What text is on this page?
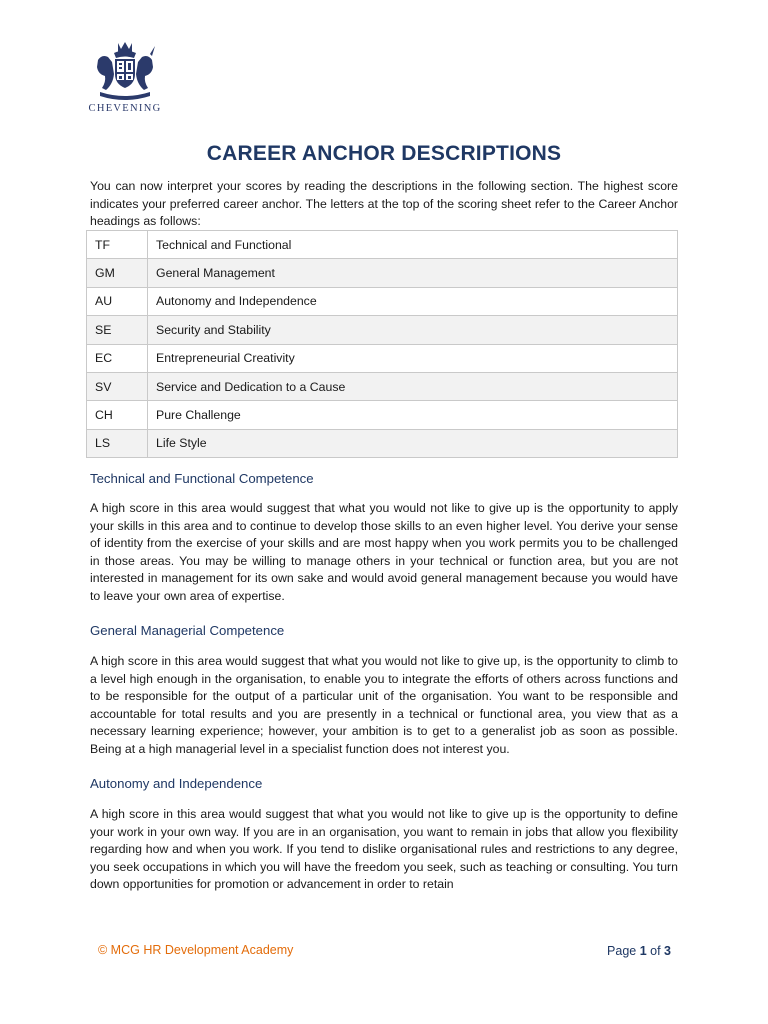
CHEVENING
CAREER ANCHOR DESCRIPTIONS
You can now interpret your scores by reading the descriptions in the following section. The highest score indicates your preferred career anchor. The letters at the top of the scoring sheet refer to the Career Anchor headings as follows:
TF	Technical and Functional
GM	General Management
AU	Autonomy and Independence
SE	Security and Stability
EC	Entrepreneurial Creativity
SV	Service and Dedication to a Cause
CH	Pure Challenge
LS	Life Style
Technical and Functional Competence
A high score in this area would suggest that what you would not like to give up is the opportunity to apply your skills in this area and to continue to develop those skills to an even higher level. You derive your sense of identity from the exercise of your skills and are most happy when you work permits you to be challenged in those areas. You may be willing to manage others in your technical or function area, but you are not interested in management for its own sake and would avoid general management because you would have to leave your own area of expertise.
General Managerial Competence
A high score in this area would suggest that what you would not like to give up, is the opportunity to climb to a level high enough in the organisation, to enable you to integrate the efforts of others across functions and to be responsible for the output of a particular unit of the organisation. You want to be responsible and accountable for total results and you are presently in a technical or functional area, you view that as a necessary learning experience; however, your ambition is to get to a generalist job as soon as possible. Being at a high managerial level in a specialist function does not interest you.
Autonomy and Independence
A high score in this area would suggest that what you would not like to give up is the opportunity to define your work in your own way. If you are in an organisation, you want to remain in jobs that allow you flexibility regarding how and when you work. If you tend to dislike organisational rules and restrictions to any degree, you seek occupations in which you will have the freedom you seek, such as teaching or consulting. You turn down opportunities for promotion or advancement in order to retain
© MCG HR Development Academy	Page 1 of 3
